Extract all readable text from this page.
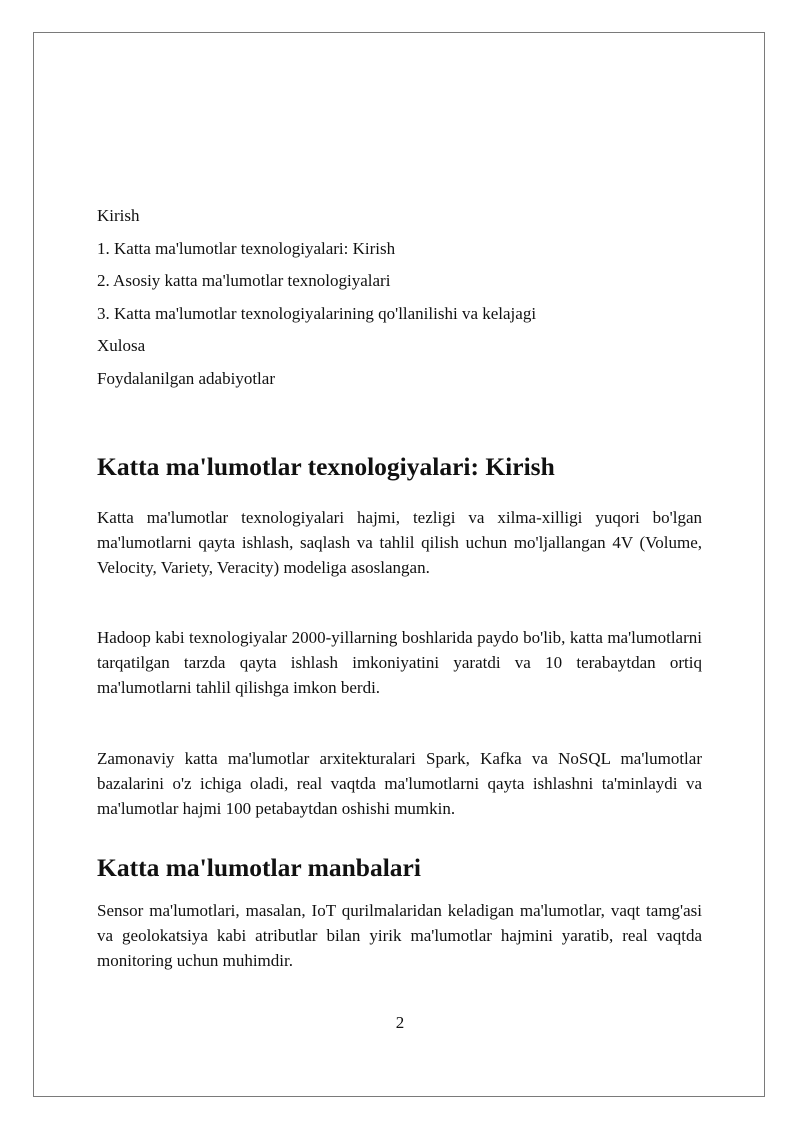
Kirish

1. Katta ma'lumotlar texnologiyalari: Kirish

2. Asosiy katta ma'lumotlar texnologiyalari

3. Katta ma'lumotlar texnologiyalarining qo'llanilishi va kelajagi

Xulosa

Foydalanilgan adabiyotlar

Katta ma'lumotlar texnologiyalari: Kirish

Katta ma'lumotlar texnologiyalari hajmi, tezligi va xilma-xilligi yuqori bo'lgan ma'lumotlarni qayta ishlash, saqlash va tahlil qilish uchun mo'ljallangan 4V (Volume, Velocity, Variety, Veracity) modeliga asoslangan.

Hadoop kabi texnologiyalar 2000-yillarning boshlarida paydo bo'lib, katta ma'lumotlarni tarqatilgan tarzda qayta ishlash imkoniyatini yaratdi va 10 terabaytdan ortiq ma'lumotlarni tahlil qilishga imkon berdi.

Zamonaviy katta ma'lumotlar arxitekturalari Spark, Kafka va NoSQL ma'lumotlar bazalarini o'z ichiga oladi, real vaqtda ma'lumotlarni qayta ishlashni ta'minlaydi va ma'lumotlar hajmi 100 petabaytdan oshishi mumkin.

Katta ma'lumotlar manbalari

Sensor ma'lumotlari, masalan, IoT qurilmalaridan keladigan ma'lumotlar, vaqt tamg'asi va geolokatsiya kabi atributlar bilan yirik ma'lumotlar hajmini yaratib, real vaqtda monitoring uchun muhimdir.

2
